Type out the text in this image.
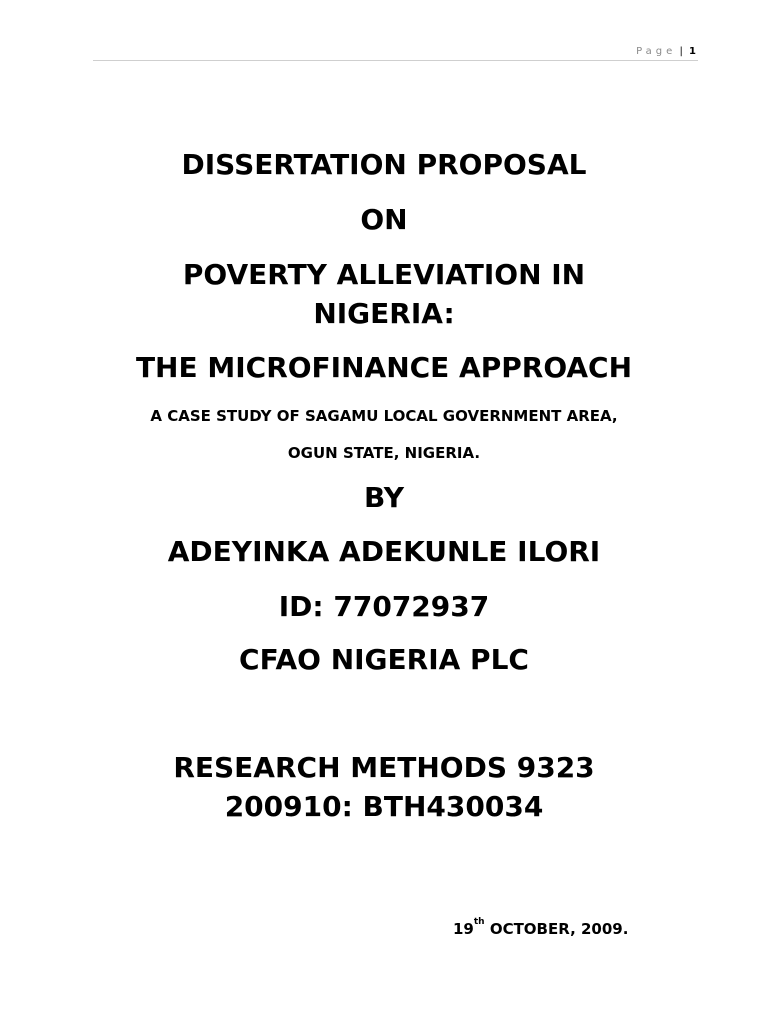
Page | 1
DISSERTATION PROPOSAL
ON
POVERTY ALLEVIATION IN
NIGERIA:
THE MICROFINANCE APPROACH
A CASE STUDY OF SAGAMU LOCAL GOVERNMENT AREA,
OGUN STATE, NIGERIA.
BY
ADEYINKA ADEKUNLE ILORI
ID: 77072937
CFAO NIGERIA PLC
RESEARCH METHODS 9323
200910: BTH430034
19th OCTOBER, 2009.
